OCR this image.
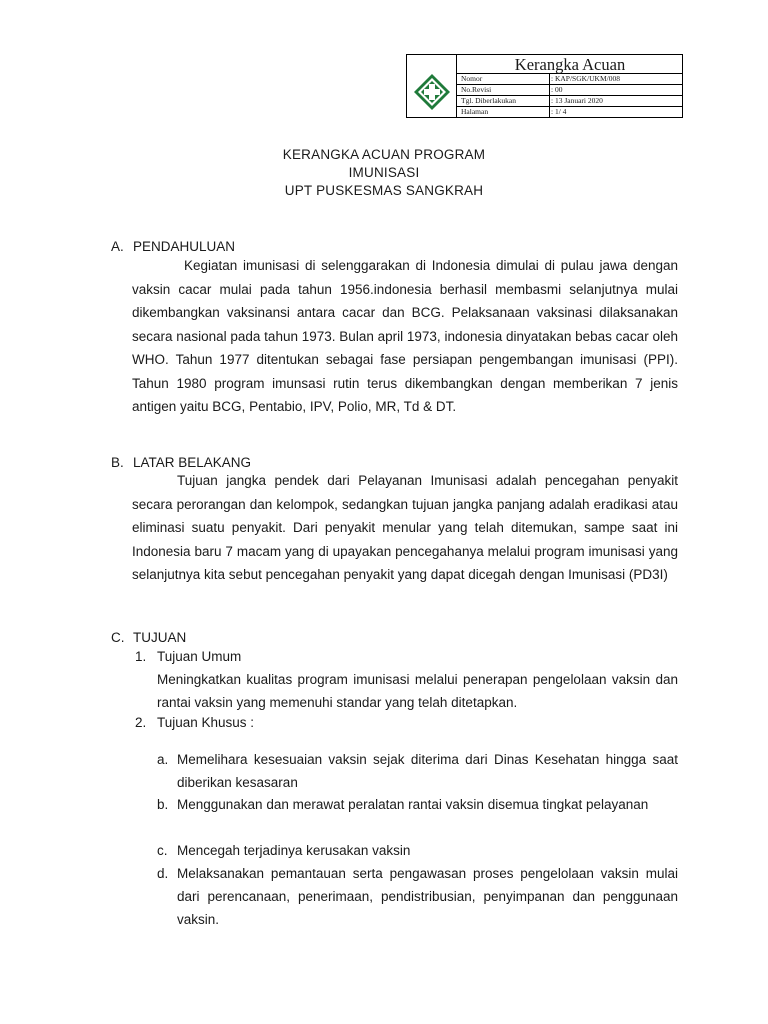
Kerangka Acuan
Nomor	: KAP/SGK/UKM/008
No.Revisi	: 00
Tgl. Diberlakukan	: 13 Januari 2020
Halaman	: 1/ 4
KERANGKA ACUAN PROGRAM
IMUNISASI
UPT PUSKESMAS SANGKRAH
A. PENDAHULUAN
Kegiatan imunisasi di selenggarakan di Indonesia dimulai di pulau jawa dengan vaksin cacar mulai pada tahun 1956.indonesia berhasil membasmi selanjutnya mulai dikembangkan vaksinansi antara cacar dan BCG. Pelaksanaan vaksinasi dilaksanakan secara nasional pada tahun 1973. Bulan april 1973, indonesia dinyatakan bebas cacar oleh WHO. Tahun 1977 ditentukan sebagai fase persiapan pengembangan imunisasi (PPI). Tahun 1980 program imunsasi rutin terus dikembangkan dengan memberikan 7 jenis antigen yaitu BCG, Pentabio, IPV, Polio, MR, Td & DT.
B. LATAR BELAKANG
Tujuan jangka pendek dari Pelayanan Imunisasi adalah pencegahan penyakit secara perorangan dan kelompok, sedangkan tujuan jangka panjang adalah eradikasi atau eliminasi suatu penyakit. Dari penyakit menular yang telah ditemukan, sampe saat ini Indonesia baru 7 macam yang di upayakan pencegahanya melalui program imunisasi yang selanjutnya kita sebut pencegahan penyakit yang dapat dicegah dengan Imunisasi (PD3I)
C. TUJUAN
1. Tujuan Umum
Meningkatkan kualitas program imunisasi melalui penerapan pengelolaan vaksin dan rantai vaksin yang memenuhi standar yang telah ditetapkan.
2. Tujuan Khusus :
a. Memelihara kesesuaian vaksin sejak diterima dari Dinas Kesehatan hingga saat diberikan kesasaran
b. Menggunakan dan merawat peralatan rantai vaksin disemua tingkat pelayanan
c. Mencegah terjadinya kerusakan vaksin
d. Melaksanakan pemantauan serta pengawasan proses pengelolaan vaksin mulai dari perencanaan, penerimaan, pendistribusian, penyimpanan dan penggunaan vaksin.
